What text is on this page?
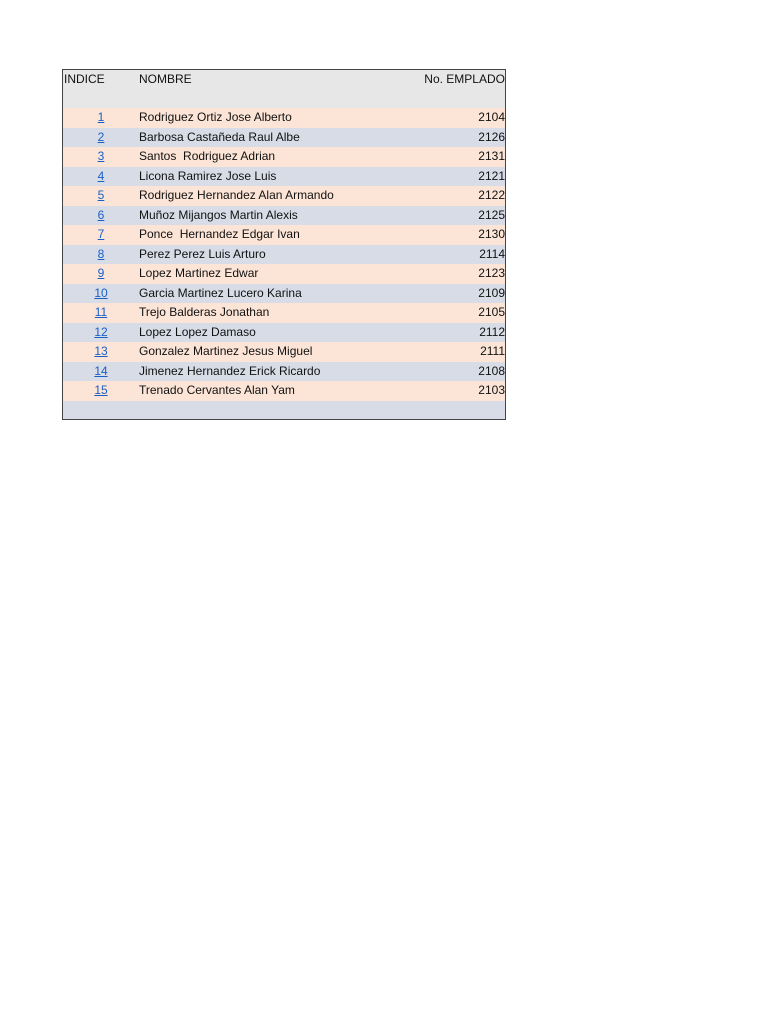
INDICE	NOMBRE	No. EMPLADO
1	Rodriguez Ortiz Jose Alberto	2104
2	Barbosa Castañeda Raul Albe	2126
3	Santos  Rodriguez Adrian	2131
4	Licona Ramirez Jose Luis	2121
5	Rodriguez Hernandez Alan Armando	2122
6	Muñoz Mijangos Martin Alexis	2125
7	Ponce  Hernandez Edgar Ivan	2130
8	Perez Perez Luis Arturo	2114
9	Lopez Martinez Edwar	2123
10	Garcia Martinez Lucero Karina	2109
11	Trejo Balderas Jonathan	2105
12	Lopez Lopez Damaso	2112
13	Gonzalez Martinez Jesus Miguel	2111
14	Jimenez Hernandez Erick Ricardo	2108
15	Trenado Cervantes Alan Yam	2103
